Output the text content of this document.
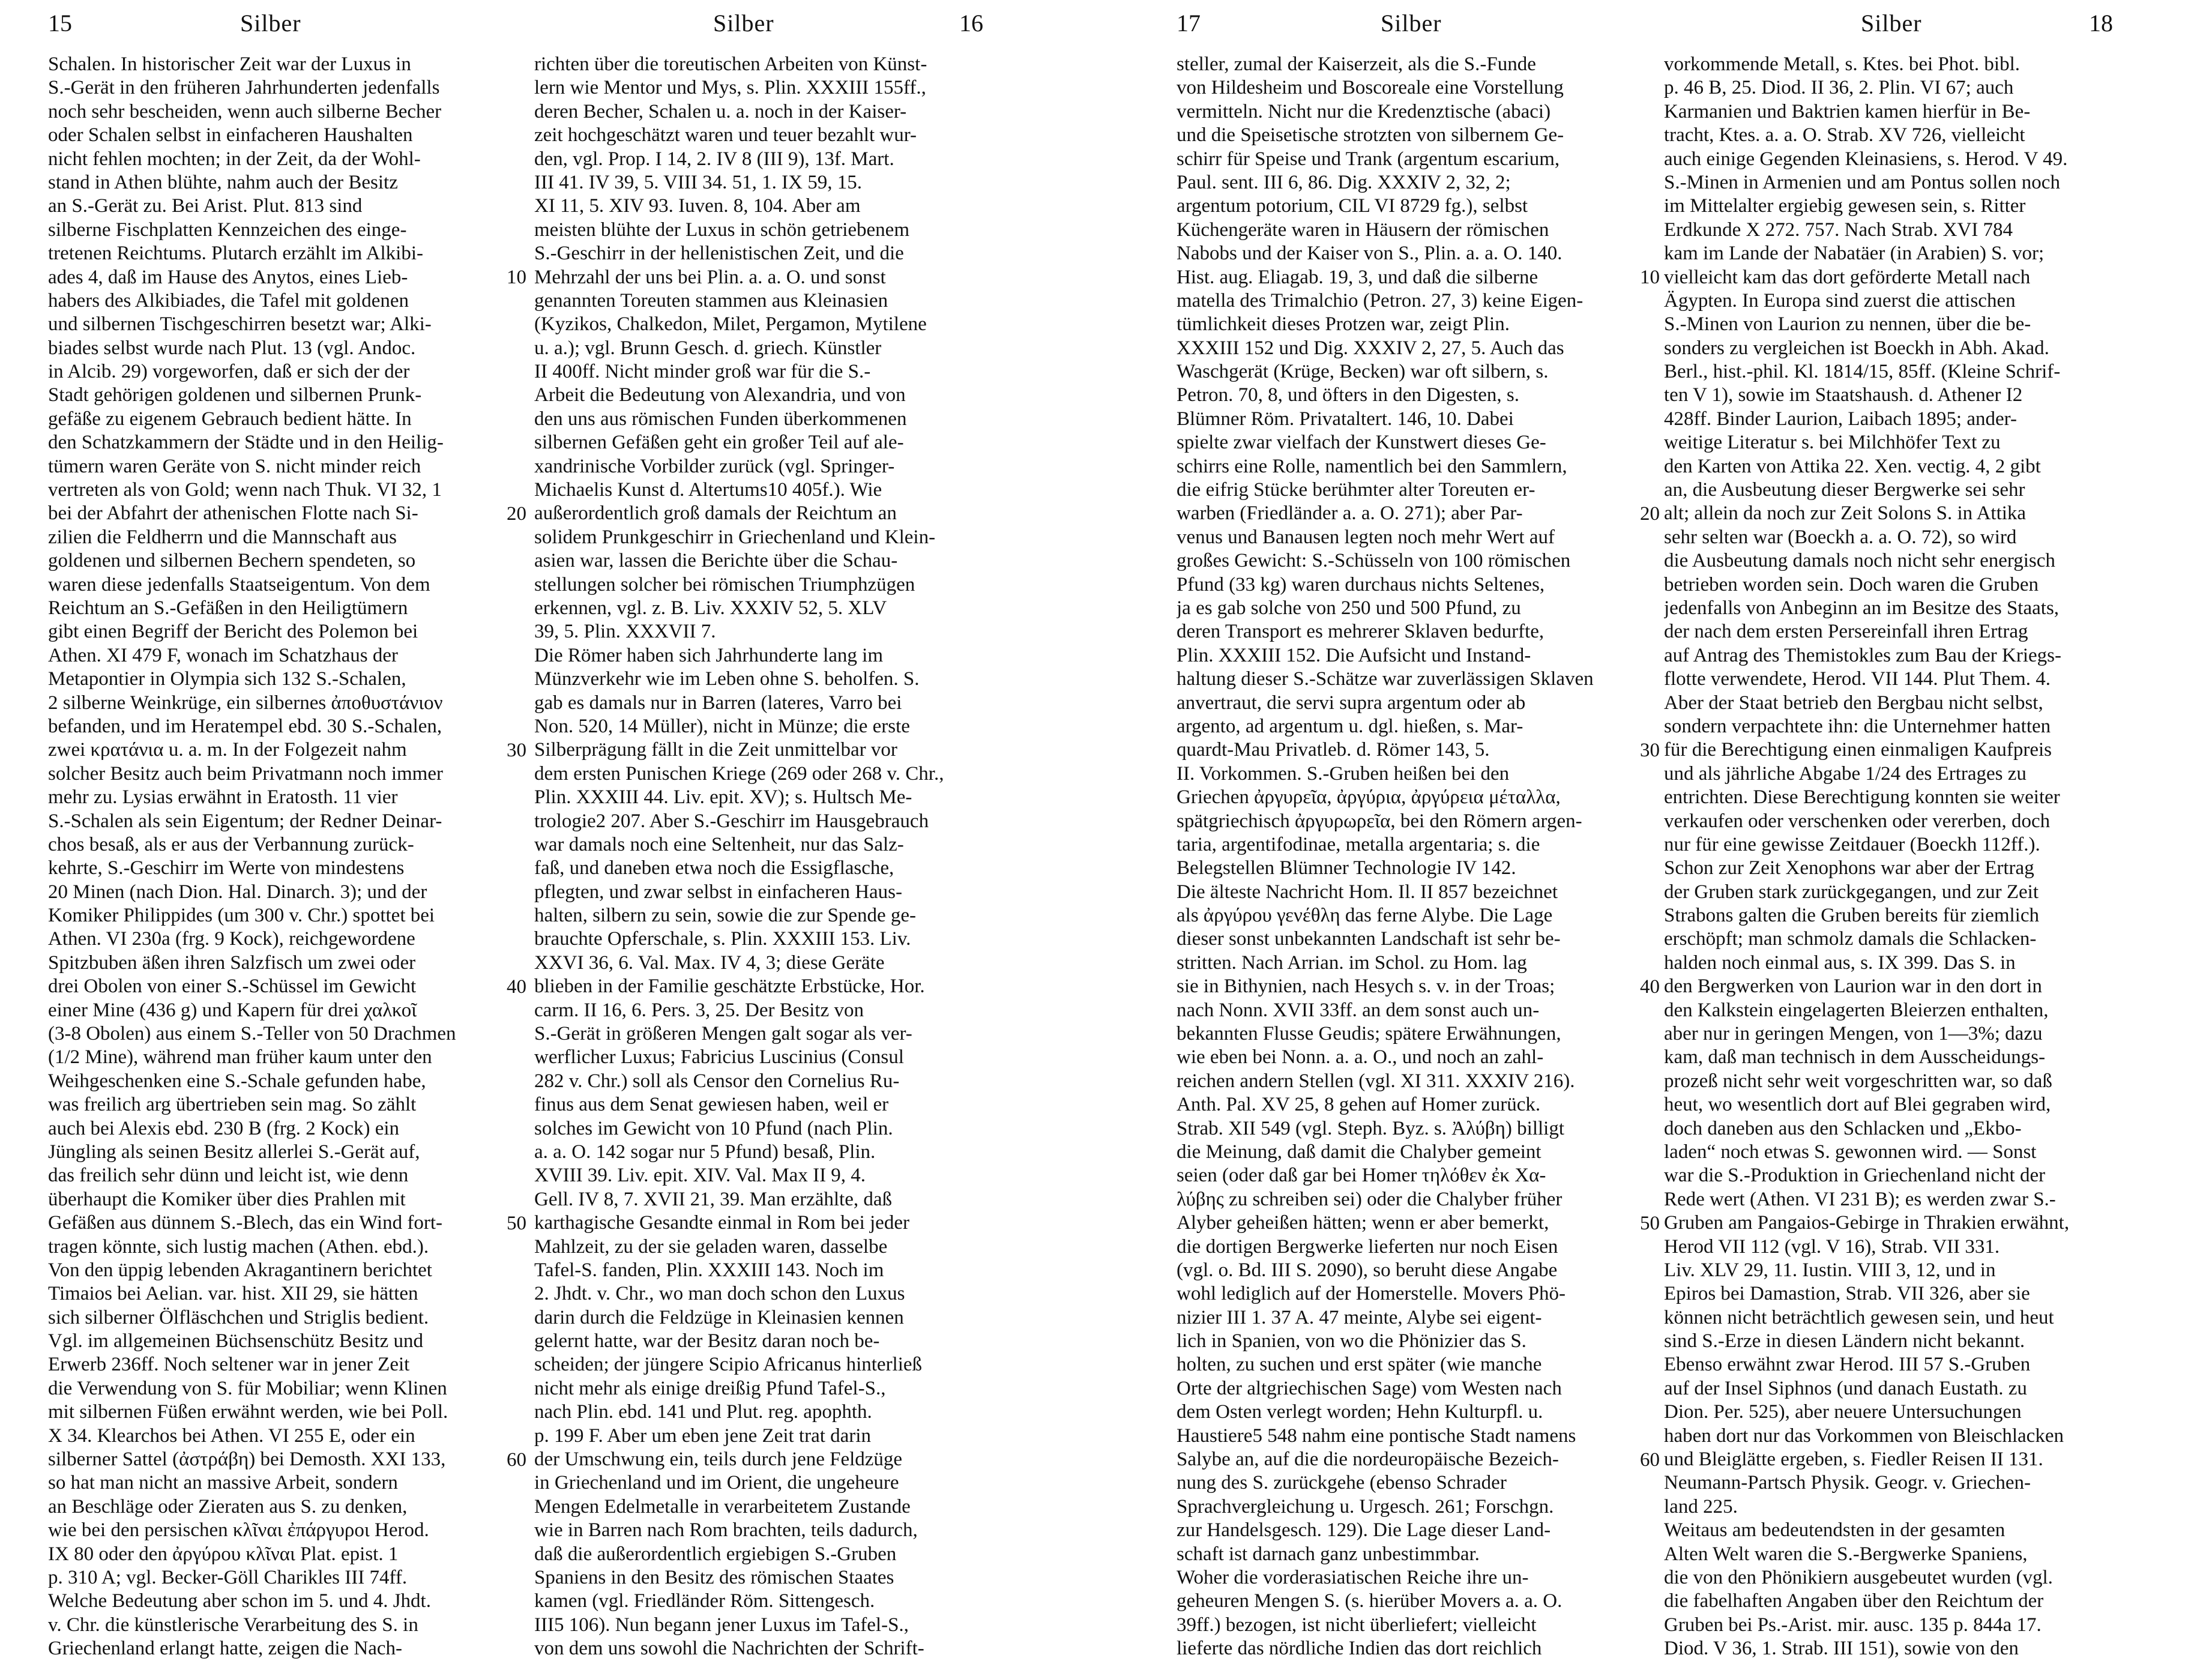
15	Silber	Silber	16
Schalen. In historischer Zeit war der Luxus in
S.-Gerät in den früheren Jahrhunderten jedenfalls
noch sehr bescheiden, wenn auch silberne Becher
oder Schalen selbst in einfacheren Haushalten
nicht fehlen mochten; in der Zeit, da der Wohl-
stand in Athen blühte, nahm auch der Besitz
an S.-Gerät zu. Bei Arist. Plut. 813 sind
silberne Fischplatten Kennzeichen des einge-
tretenen Reichtums. Plutarch erzählt im Alkibi-
ades 4, daß im Hause des Anytos, eines Lieb-
habers des Alkibiades, die Tafel mit goldenen
und silbernen Tischgeschirren besetzt war; Alki-
biades selbst wurde nach Plut. 13 (vgl. Andoc.
in Alcib. 29) vorgeworfen, daß er sich der der
Stadt gehörigen goldenen und silbernen Prunk-
gefäße zu eigenem Gebrauch bedient hätte. In
den Schatzkammern der Städte und in den Heilig-
tümern waren Geräte von S. nicht minder reich
vertreten als von Gold; wenn nach Thuk. VI 32, 1
bei der Abfahrt der athenischen Flotte nach Si-
zilien die Feldherrn und die Mannschaft aus
goldenen und silbernen Bechern spendeten, so
waren diese jedenfalls Staatseigentum. Von dem
Reichtum an S.-Gefäßen in den Heiligtümern
gibt einen Begriff der Bericht des Polemon bei
Athen. XI 479 F, wonach im Schatzhaus der
Metapontier in Olympia sich 132 S.-Schalen,
2 silberne Weinkrüge, ein silbernes ἀποθυστάνιον
befanden, und im Heratempel ebd. 30 S.-Schalen,
zwei κρατάνια u. a. m. In der Folgezeit nahm
solcher Besitz auch beim Privatmann noch immer
mehr zu. Lysias erwähnt in Eratosth. 11 vier
S.-Schalen als sein Eigentum; der Redner Deinar-
chos besaß, als er aus der Verbannung zurück-
kehrte, S.-Geschirr im Werte von mindestens
20 Minen (nach Dion. Hal. Dinarch. 3); und der
Komiker Philippides (um 300 v. Chr.) spottet bei
Athen. VI 230a (frg. 9 Kock), reichgewordene
Spitzbuben äßen ihren Salzfisch um zwei oder
drei Obolen von einer S.-Schüssel im Gewicht
einer Mine (436 g) und Kapern für drei χαλκοῖ
(3-8 Obolen) aus einem S.-Teller von 50 Drachmen
(1/2 Mine), während man früher kaum unter den
Weihgeschenken eine S.-Schale gefunden habe,
was freilich arg übertrieben sein mag. So zählt
auch bei Alexis ebd. 230 B (frg. 2 Kock) ein
Jüngling als seinen Besitz allerlei S.-Gerät auf,
das freilich sehr dünn und leicht ist, wie denn
überhaupt die Komiker über dies Prahlen mit
Gefäßen aus dünnem S.-Blech, das ein Wind fort-
tragen könnte, sich lustig machen (Athen. ebd.).
Von den üppig lebenden Akragantinern berichtet
Timaios bei Aelian. var. hist. XII 29, sie hätten
sich silberner Ölfläschchen und Striglis bedient.
Vgl. im allgemeinen Büchsenschütz Besitz und
Erwerb 236ff. Noch seltener war in jener Zeit
die Verwendung von S. für Mobiliar; wenn Klinen
mit silbernen Füßen erwähnt werden, wie bei Poll.
X 34. Klearchos bei Athen. VI 255 E, oder ein
silberner Sattel (ἀστράβη) bei Demosth. XXI 133,
so hat man nicht an massive Arbeit, sondern
an Beschläge oder Zieraten aus S. zu denken,
wie bei den persischen κλῖναι ἐπάργυροι Herod.
IX 80 oder den ἀργύρου κλῖναι Plat. epist. 1
p. 310 A; vgl. Becker-Göll Charikles III 74ff.
Welche Bedeutung aber schon im 5. und 4. Jhdt.
v. Chr. die künstlerische Verarbeitung des S. in
Griechenland erlangt hatte, zeigen die Nach-
richten über die toreutischen Arbeiten von Künst-
lern wie Mentor und Mys, s. Plin. XXXIII 155ff.,
deren Becher, Schalen u. a. noch in der Kaiser-
zeit hochgeschätzt waren und teuer bezahlt wur-
den, vgl. Prop. I 14, 2. IV 8 (III 9), 13f. Mart.
III 41. IV 39, 5. VIII 34. 51, 1. IX 59, 15.
XI 11, 5. XIV 93. Iuven. 8, 104. Aber am
meisten blühte der Luxus in schön getriebenem
S.-Geschirr in der hellenistischen Zeit, und die
Mehrzahl der uns bei Plin. a. a. O. und sonst
genannten Toreuten stammen aus Kleinasien
(Kyzikos, Chalkedon, Milet, Pergamon, Mytilene
u. a.); vgl. Brunn Gesch. d. griech. Künstler
II 400ff. Nicht minder groß war für die S.-
Arbeit die Bedeutung von Alexandria, und von
den uns aus römischen Funden überkommenen
silbernen Gefäßen geht ein großer Teil auf ale-
xandrinische Vorbilder zurück (vgl. Springer-
Michaelis Kunst d. Altertums10 405f.). Wie
außerordentlich groß damals der Reichtum an
solidem Prunkgeschirr in Griechenland und Klein-
asien war, lassen die Berichte über die Schau-
stellungen solcher bei römischen Triumphzügen
erkennen, vgl. z. B. Liv. XXXIV 52, 5. XLV
39, 5. Plin. XXXVII 7.
Die Römer haben sich Jahrhunderte lang im
Münzverkehr wie im Leben ohne S. beholfen. S.
gab es damals nur in Barren (lateres, Varro bei
Non. 520, 14 Müller), nicht in Münze; die erste
Silberprägung fällt in die Zeit unmittelbar vor
dem ersten Punischen Kriege (269 oder 268 v. Chr.,
Plin. XXXIII 44. Liv. epit. XV); s. Hultsch Me-
trologie2 207. Aber S.-Geschirr im Hausgebrauch
war damals noch eine Seltenheit, nur das Salz-
faß, und daneben etwa noch die Essigflasche,
pflegten, und zwar selbst in einfacheren Haus-
halten, silbern zu sein, sowie die zur Spende ge-
brauchte Opferschale, s. Plin. XXXIII 153. Liv.
XXVI 36, 6. Val. Max. IV 4, 3; diese Geräte
blieben in der Familie geschätzte Erbstücke, Hor.
carm. II 16, 6. Pers. 3, 25. Der Besitz von
S.-Gerät in größeren Mengen galt sogar als ver-
werflicher Luxus; Fabricius Luscinius (Consul
282 v. Chr.) soll als Censor den Cornelius Ru-
finus aus dem Senat gewiesen haben, weil er
solches im Gewicht von 10 Pfund (nach Plin.
a. a. O. 142 sogar nur 5 Pfund) besaß, Plin.
XVIII 39. Liv. epit. XIV. Val. Max II 9, 4.
Gell. IV 8, 7. XVII 21, 39. Man erzählte, daß
karthagische Gesandte einmal in Rom bei jeder
Mahlzeit, zu der sie geladen waren, dasselbe
Tafel-S. fanden, Plin. XXXIII 143. Noch im
2. Jhdt. v. Chr., wo man doch schon den Luxus
darin durch die Feldzüge in Kleinasien kennen
gelernt hatte, war der Besitz daran noch be-
scheiden; der jüngere Scipio Africanus hinterließ
nicht mehr als einige dreißig Pfund Tafel-S.,
nach Plin. ebd. 141 und Plut. reg. apophth.
p. 199 F. Aber um eben jene Zeit trat darin
der Umschwung ein, teils durch jene Feldzüge
in Griechenland und im Orient, die ungeheure
Mengen Edelmetalle in verarbeitetem Zustande
wie in Barren nach Rom brachten, teils dadurch,
daß die außerordentlich ergiebigen S.-Gruben
Spaniens in den Besitz des römischen Staates
kamen (vgl. Friedländer Röm. Sittengesch.
III5 106). Nun begann jener Luxus im Tafel-S.,
von dem uns sowohl die Nachrichten der Schrift-
10
20
30
40
50
60
17	Silber	Silber	18
steller, zumal der Kaiserzeit, als die S.-Funde
von Hildesheim und Boscoreale eine Vorstellung
vermitteln. Nicht nur die Kredenztische (abaci)
und die Speisetische strotzten von silbernem Ge-
schirr für Speise und Trank (argentum escarium,
Paul. sent. III 6, 86. Dig. XXXIV 2, 32, 2;
argentum potorium, CIL VI 8729 fg.), selbst
Küchengeräte waren in Häusern der römischen
Nabobs und der Kaiser von S., Plin. a. a. O. 140.
Hist. aug. Eliagab. 19, 3, und daß die silberne
matella des Trimalchio (Petron. 27, 3) keine Eigen-
tümlichkeit dieses Protzen war, zeigt Plin.
XXXIII 152 und Dig. XXXIV 2, 27, 5. Auch das
Waschgerät (Krüge, Becken) war oft silbern, s.
Petron. 70, 8, und öfters in den Digesten, s.
Blümner Röm. Privataltert. 146, 10. Dabei
spielte zwar vielfach der Kunstwert dieses Ge-
schirrs eine Rolle, namentlich bei den Sammlern,
die eifrig Stücke berühmter alter Toreuten er-
warben (Friedländer a. a. O. 271); aber Par-
venus und Banausen legten noch mehr Wert auf
großes Gewicht: S.-Schüsseln von 100 römischen
Pfund (33 kg) waren durchaus nichts Seltenes,
ja es gab solche von 250 und 500 Pfund, zu
deren Transport es mehrerer Sklaven bedurfte,
Plin. XXXIII 152. Die Aufsicht und Instand-
haltung dieser S.-Schätze war zuverlässigen Sklaven
anvertraut, die servi supra argentum oder ab
argento, ad argentum u. dgl. hießen, s. Mar-
quardt-Mau Privatleb. d. Römer 143, 5.
II. Vorkommen. S.-Gruben heißen bei den
Griechen ἀργυρεῖα, ἀργύρια, ἀργύρεια μέταλλα,
spätgriechisch ἀργυρωρεῖα, bei den Römern argen-
taria, argentifodinae, metalla argentaria; s. die
Belegstellen Blümner Technologie IV 142.
Die älteste Nachricht Hom. Il. II 857 bezeichnet
als ἀργύρου γενέθλη das ferne Alybe. Die Lage
dieser sonst unbekannten Landschaft ist sehr be-
stritten. Nach Arrian. im Schol. zu Hom. lag
sie in Bithynien, nach Hesych s. v. in der Troas;
nach Nonn. XVII 33ff. an dem sonst auch un-
bekannten Flusse Geudis; spätere Erwähnungen,
wie eben bei Nonn. a. a. O., und noch an zahl-
reichen andern Stellen (vgl. XI 311. XXXIV 216).
Anth. Pal. XV 25, 8 gehen auf Homer zurück.
Strab. XII 549 (vgl. Steph. Byz. s. Ἀλύβη) billigt
die Meinung, daß damit die Chalyber gemeint
seien (oder daß gar bei Homer τηλόθεν ἐκ Χα-
λύβης zu schreiben sei) oder die Chalyber früher
Alyber geheißen hätten; wenn er aber bemerkt,
die dortigen Bergwerke lieferten nur noch Eisen
(vgl. o. Bd. III S. 2090), so beruht diese Angabe
wohl lediglich auf der Homerstelle. Movers Phö-
nizier III 1. 37 A. 47 meinte, Alybe sei eigent-
lich in Spanien, von wo die Phönizier das S.
holten, zu suchen und erst später (wie manche
Orte der altgriechischen Sage) vom Westen nach
dem Osten verlegt worden; Hehn Kulturpfl. u.
Haustiere5 548 nahm eine pontische Stadt namens
Salybe an, auf die die nordeuropäische Bezeich-
nung des S. zurückgehe (ebenso Schrader
Sprachvergleichung u. Urgesch. 261; Forschgn.
zur Handelsgesch. 129). Die Lage dieser Land-
schaft ist darnach ganz unbestimmbar.
Woher die vorderasiatischen Reiche ihre un-
geheuren Mengen S. (s. hierüber Movers a. a. O.
39ff.) bezogen, ist nicht überliefert; vielleicht
lieferte das nördliche Indien das dort reichlich
vorkommende Metall, s. Ktes. bei Phot. bibl.
p. 46 B, 25. Diod. II 36, 2. Plin. VI 67; auch
Karmanien und Baktrien kamen hierfür in Be-
tracht, Ktes. a. a. O. Strab. XV 726, vielleicht
auch einige Gegenden Kleinasiens, s. Herod. V 49.
S.-Minen in Armenien und am Pontus sollen noch
im Mittelalter ergiebig gewesen sein, s. Ritter
Erdkunde X 272. 757. Nach Strab. XVI 784
kam im Lande der Nabatäer (in Arabien) S. vor;
vielleicht kam das dort geförderte Metall nach
Ägypten. In Europa sind zuerst die attischen
S.-Minen von Laurion zu nennen, über die be-
sonders zu vergleichen ist Boeckh in Abh. Akad.
Berl., hist.-phil. Kl. 1814/15, 85ff. (Kleine Schrif-
ten V 1), sowie im Staatshaush. d. Athener I2
428ff. Binder Laurion, Laibach 1895; ander-
weitige Literatur s. bei Milchhöfer Text zu
den Karten von Attika 22. Xen. vectig. 4, 2 gibt
an, die Ausbeutung dieser Bergwerke sei sehr
alt; allein da noch zur Zeit Solons S. in Attika
sehr selten war (Boeckh a. a. O. 72), so wird
die Ausbeutung damals noch nicht sehr energisch
betrieben worden sein. Doch waren die Gruben
jedenfalls von Anbeginn an im Besitze des Staats,
der nach dem ersten Persereinfall ihren Ertrag
auf Antrag des Themistokles zum Bau der Kriegs-
flotte verwendete, Herod. VII 144. Plut Them. 4.
Aber der Staat betrieb den Bergbau nicht selbst,
sondern verpachtete ihn: die Unternehmer hatten
für die Berechtigung einen einmaligen Kaufpreis
und als jährliche Abgabe 1/24 des Ertrages zu
entrichten. Diese Berechtigung konnten sie weiter
verkaufen oder verschenken oder vererben, doch
nur für eine gewisse Zeitdauer (Boeckh 112ff.).
Schon zur Zeit Xenophons war aber der Ertrag
der Gruben stark zurückgegangen, und zur Zeit
Strabons galten die Gruben bereits für ziemlich
erschöpft; man schmolz damals die Schlacken-
halden noch einmal aus, s. IX 399. Das S. in
den Bergwerken von Laurion war in den dort in
den Kalkstein eingelagerten Bleierzen enthalten,
aber nur in geringen Mengen, von 1—3%; dazu
kam, daß man technisch in dem Ausscheidungs-
prozeß nicht sehr weit vorgeschritten war, so daß
heut, wo wesentlich dort auf Blei gegraben wird,
doch daneben aus den Schlacken und „Ekbo-
laden“ noch etwas S. gewonnen wird. — Sonst
war die S.-Produktion in Griechenland nicht der
Rede wert (Athen. VI 231 B); es werden zwar S.-
Gruben am Pangaios-Gebirge in Thrakien erwähnt,
Herod VII 112 (vgl. V 16), Strab. VII 331.
Liv. XLV 29, 11. Iustin. VIII 3, 12, und in
Epiros bei Damastion, Strab. VII 326, aber sie
können nicht beträchtlich gewesen sein, und heut
sind S.-Erze in diesen Ländern nicht bekannt.
Ebenso erwähnt zwar Herod. III 57 S.-Gruben
auf der Insel Siphnos (und danach Eustath. zu
Dion. Per. 525), aber neuere Untersuchungen
haben dort nur das Vorkommen von Bleischlacken
und Bleiglätte ergeben, s. Fiedler Reisen II 131.
Neumann-Partsch Physik. Geogr. v. Griechen-
land 225.
Weitaus am bedeutendsten in der gesamten
Alten Welt waren die S.-Bergwerke Spaniens,
die von den Phönikiern ausgebeutet wurden (vgl.
die fabelhaften Angaben über den Reichtum der
Gruben bei Ps.-Arist. mir. ausc. 135 p. 844a 17.
Diod. V 36, 1. Strab. III 151), sowie von den
10
20
30
40
50
60
